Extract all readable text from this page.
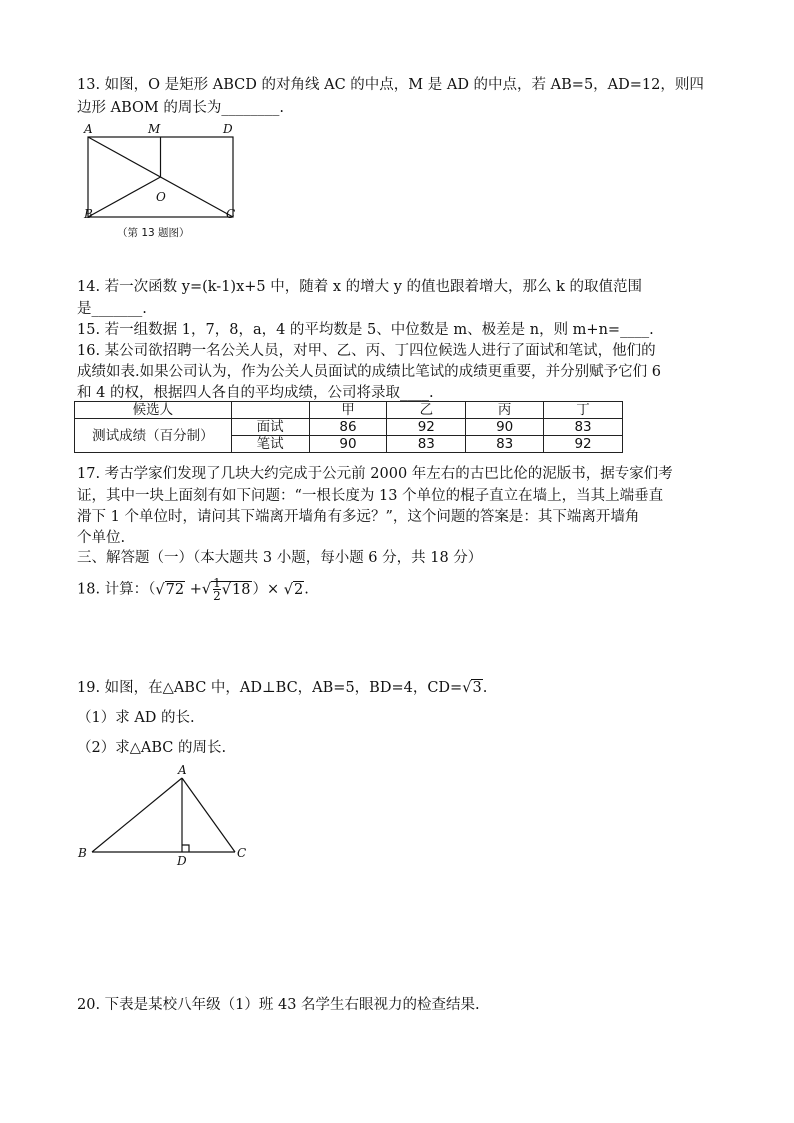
13. 如图，O 是矩形 ABCD 的对角线 AC 的中点，M 是 AD 的中点，若 AB=5，AD=12，则四
边形 ABOM 的周长为________.
A	M	D
O
B	C
（第 13 题图）
14. 若一次函数 y=(k-1)x+5 中，随着 x 的增大 y 的值也跟着增大，那么 k 的取值范围
是_______.
15. 若一组数据 1，7，8，a，4 的平均数是 5、中位数是 m、极差是 n，则 m+n=____.
16. 某公司欲招聘一名公关人员，对甲、乙、丙、丁四位候选人进行了面试和笔试，他们的
成绩如表.如果公司认为，作为公关人员面试的成绩比笔试的成绩更重要，并分别赋予它们 6
和 4 的权，根据四人各自的平均成绩，公司将录取____.
候选人		甲	乙	丙	丁
测试成绩（百分制）	面试	86	92	90	83
	笔试	90	83	83	92
17. 考古学家们发现了几块大约完成于公元前 2000 年左右的古巴比伦的泥版书，据专家们考
证，其中一块上面刻有如下问题：“一根长度为 13 个单位的棍子直立在墙上，当其上端垂直
滑下 1 个单位时，请问其下端离开墙角有多远？”，这个问题的答案是：其下端离开墙角
个单位.
三、解答题（一）（本大题共 3 小题，每小题 6 分，共 18 分）
18. 计算：（√72 +√ $\frac{1}{2} √18$ ）× √2.
19. 如图，在△ABC 中，AD⊥BC，AB=5，BD=4，CD=√3.
（1）求 AD 的长.
（2）求△ABC 的周长.
A
B	C
D
20. 下表是某校八年级（1）班 43 名学生右眼视力的检查结果.
